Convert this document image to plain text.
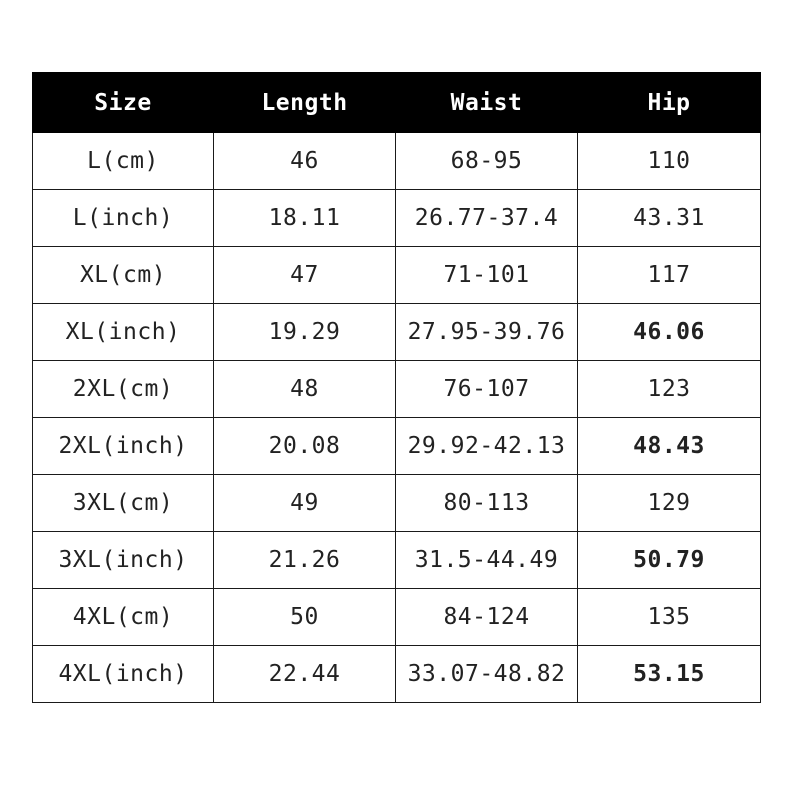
Size	Length	Waist	Hip
L(cm)	46	68-95	110
L(inch)	18.11	26.77-37.4	43.31
XL(cm)	47	71-101	117
XL(inch)	19.29	27.95-39.76	46.06
2XL(cm)	48	76-107	123
2XL(inch)	20.08	29.92-42.13	48.43
3XL(cm)	49	80-113	129
3XL(inch)	21.26	31.5-44.49	50.79
4XL(cm)	50	84-124	135
4XL(inch)	22.44	33.07-48.82	53.15
